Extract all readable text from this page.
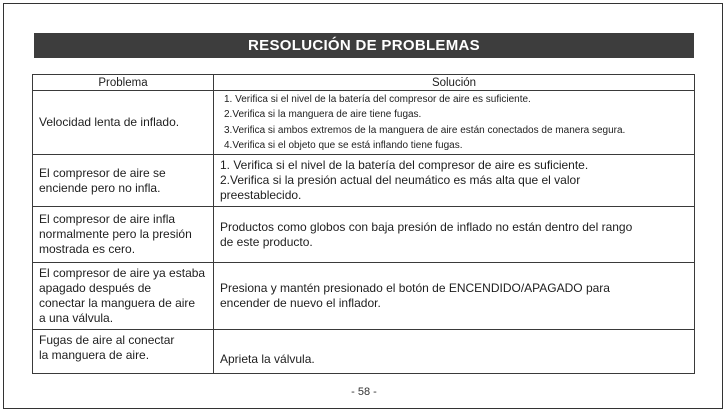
RESOLUCIÓN DE PROBLEMAS
Problema	Solución

Velocidad lenta de inflado.	1. Verifica si el nivel de la batería del compresor de aire es suficiente.
2.Verifica si la manguera de aire tiene fugas.
3.Verifica si ambos extremos de la manguera de aire están conectados de manera segura.
4.Verifica si el objeto que se está inflando tiene fugas.

El compresor de aire se
enciende pero no infla.	1. Verifica si el nivel de la batería del compresor de aire es suficiente.
2.Verifica si la presión actual del neumático es más alta que el valor
preestablecido.

El compresor de aire infla
normalmente pero la presión
mostrada es cero.	Productos como globos con baja presión de inflado no están dentro del rango
de este producto.

El compresor de aire ya estaba
apagado después de
conectar la manguera de aire
a una válvula.	Presiona y mantén presionado el botón de ENCENDIDO/APAGADO para
encender de nuevo el inflador.

Fugas de aire al conectar
la manguera de aire.	Aprieta la válvula.
- 58 -
